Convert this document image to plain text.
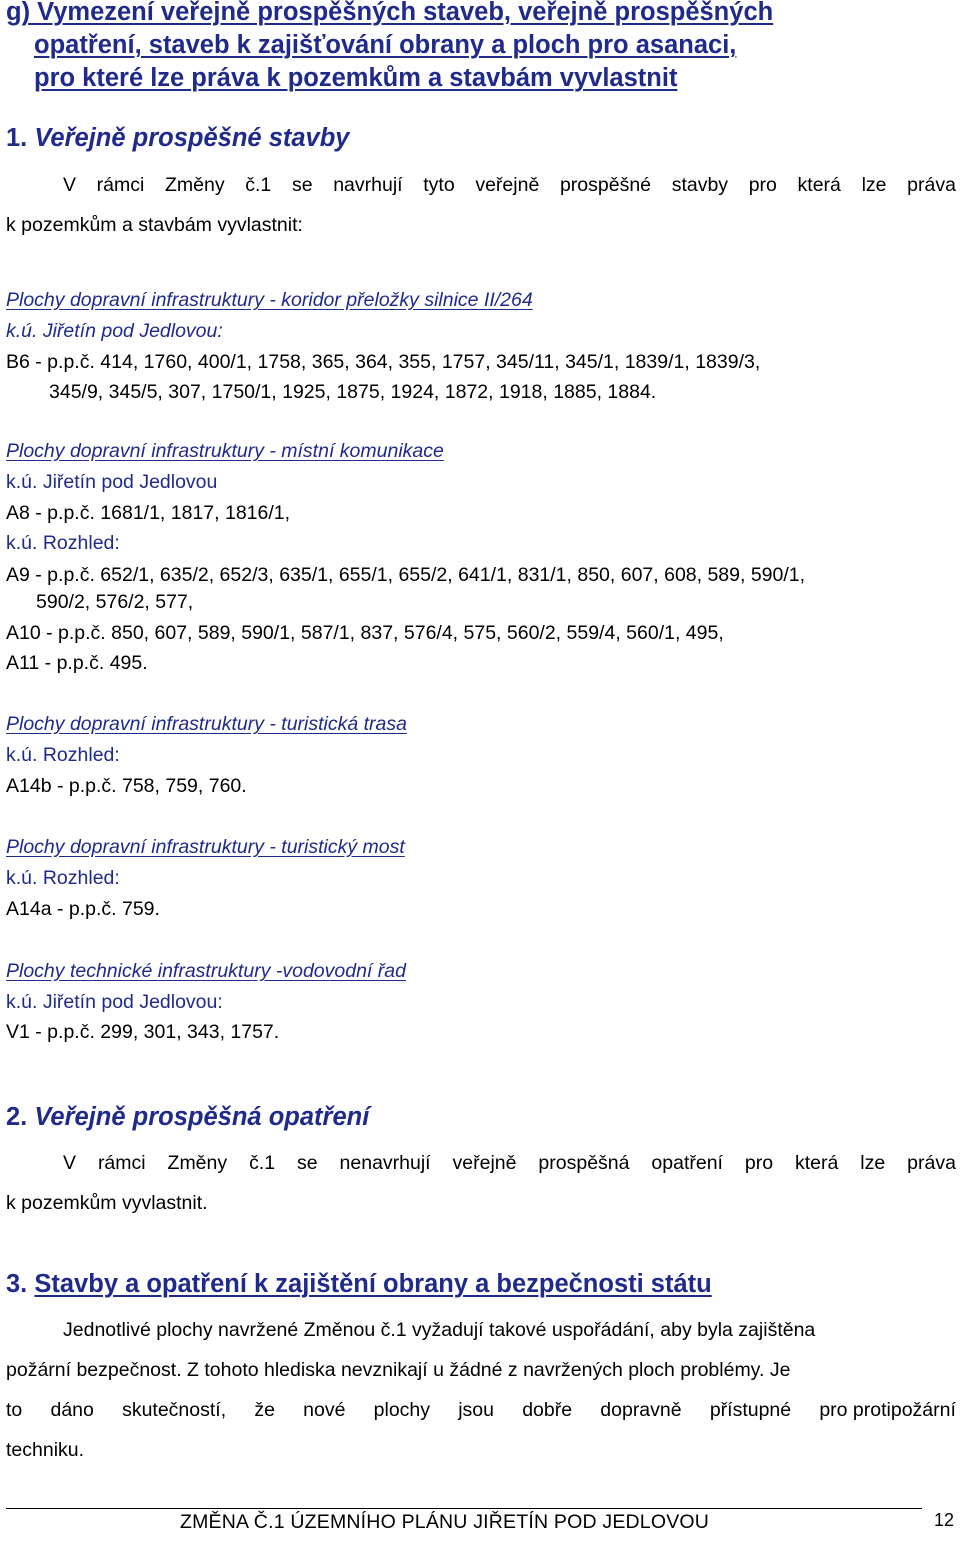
g) Vymezení veřejně prospěšných staveb, veřejně prospěšných
opatření, staveb k zajišťování obrany a ploch pro asanaci,
pro které lze práva k pozemkům a stavbám vyvlastnit
1. Veřejně prospěšné stavby
V rámci Změny č.1 se navrhují tyto veřejně prospěšné stavby pro která lze práva
k pozemkům a stavbám vyvlastnit:
Plochy dopravní infrastruktury - koridor přeložky silnice II/264
k.ú. Jiřetín pod Jedlovou:
B6 - p.p.č. 414, 1760, 400/1, 1758, 365, 364, 355, 1757, 345/11, 345/1, 1839/1, 1839/3,
345/9, 345/5, 307, 1750/1, 1925, 1875, 1924, 1872, 1918, 1885, 1884.
Plochy dopravní infrastruktury - místní komunikace
k.ú. Jiřetín pod Jedlovou
A8 - p.p.č. 1681/1, 1817, 1816/1,
k.ú. Rozhled:
A9 - p.p.č. 652/1, 635/2, 652/3, 635/1, 655/1, 655/2, 641/1, 831/1, 850, 607, 608, 589, 590/1,
590/2, 576/2, 577,
A10 - p.p.č. 850, 607, 589, 590/1, 587/1, 837, 576/4, 575, 560/2, 559/4, 560/1, 495,
A11 - p.p.č. 495.
Plochy dopravní infrastruktury - turistická trasa
k.ú. Rozhled:
A14b - p.p.č. 758, 759, 760.
Plochy dopravní infrastruktury - turistický most
k.ú. Rozhled:
A14a - p.p.č. 759.
Plochy technické infrastruktury -vodovodní řad
k.ú. Jiřetín pod Jedlovou:
V1 - p.p.č. 299, 301, 343, 1757.
2. Veřejně prospěšná opatření
V rámci Změny č.1 se nenavrhují veřejně prospěšná opatření pro která lze práva
k pozemkům vyvlastnit.
3. Stavby a opatření k zajištění obrany a bezpečnosti státu
Jednotlivé plochy navržené Změnou č.1 vyžadují takové uspořádání, aby byla zajištěna
požární bezpečnost. Z tohoto hlediska nevznikají u žádné z navržených ploch problémy. Je
to dáno skutečností, že nové plochy jsou dobře dopravně přístupné pro protipožární
techniku.
ZMĚNA Č.1 ÚZEMNÍHO PLÁNU JIŘETÍN POD JEDLOVOU	12
